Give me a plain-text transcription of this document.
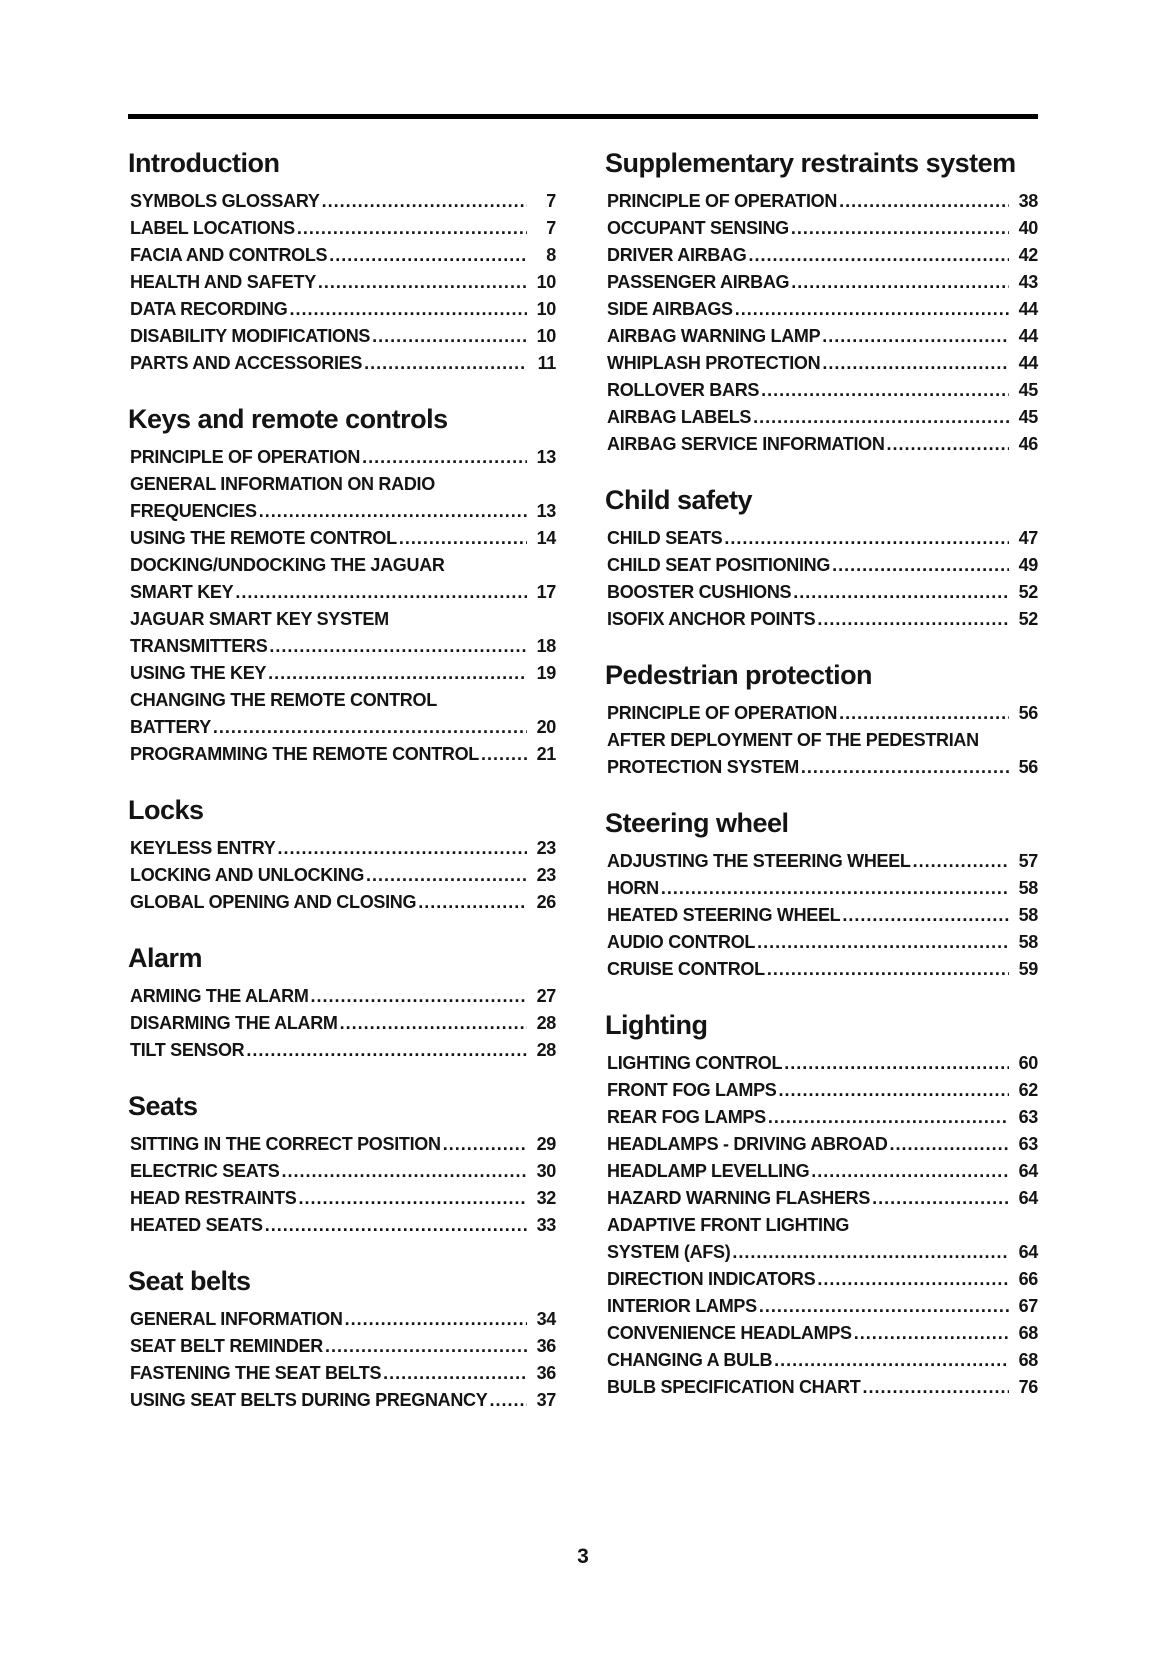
Introduction
SYMBOLS GLOSSARY .....	7
LABEL LOCATIONS .....	7
FACIA AND CONTROLS .....	8
HEALTH AND SAFETY .....	10
DATA RECORDING .....	10
DISABILITY MODIFICATIONS .....	10
PARTS AND ACCESSORIES .....	11
Keys and remote controls
PRINCIPLE OF OPERATION .....	13
GENERAL INFORMATION ON RADIO
FREQUENCIES .....	13
USING THE REMOTE CONTROL .....	14
DOCKING/UNDOCKING THE JAGUAR
SMART KEY .....	17
JAGUAR SMART KEY SYSTEM
TRANSMITTERS .....	18
USING THE KEY .....	19
CHANGING THE REMOTE CONTROL
BATTERY .....	20
PROGRAMMING THE REMOTE CONTROL .....	21
Locks
KEYLESS ENTRY .....	23
LOCKING AND UNLOCKING .....	23
GLOBAL OPENING AND CLOSING .....	26
Alarm
ARMING THE ALARM .....	27
DISARMING THE ALARM .....	28
TILT SENSOR .....	28
Seats
SITTING IN THE CORRECT POSITION .....	29
ELECTRIC SEATS .....	30
HEAD RESTRAINTS .....	32
HEATED SEATS .....	33
Seat belts
GENERAL INFORMATION .....	34
SEAT BELT REMINDER .....	36
FASTENING THE SEAT BELTS .....	36
USING SEAT BELTS DURING PREGNANCY .....	37
Supplementary restraints system
PRINCIPLE OF OPERATION .....	38
OCCUPANT SENSING .....	40
DRIVER AIRBAG .....	42
PASSENGER AIRBAG .....	43
SIDE AIRBAGS .....	44
AIRBAG WARNING LAMP .....	44
WHIPLASH PROTECTION .....	44
ROLLOVER BARS .....	45
AIRBAG LABELS .....	45
AIRBAG SERVICE INFORMATION .....	46
Child safety
CHILD SEATS .....	47
CHILD SEAT POSITIONING .....	49
BOOSTER CUSHIONS .....	52
ISOFIX ANCHOR POINTS .....	52
Pedestrian protection
PRINCIPLE OF OPERATION .....	56
AFTER DEPLOYMENT OF THE PEDESTRIAN
PROTECTION SYSTEM .....	56
Steering wheel
ADJUSTING THE STEERING WHEEL .....	57
HORN .....	58
HEATED STEERING WHEEL .....	58
AUDIO CONTROL .....	58
CRUISE CONTROL .....	59
Lighting
LIGHTING CONTROL .....	60
FRONT FOG LAMPS .....	62
REAR FOG LAMPS .....	63
HEADLAMPS - DRIVING ABROAD .....	63
HEADLAMP LEVELLING .....	64
HAZARD WARNING FLASHERS .....	64
ADAPTIVE FRONT LIGHTING
SYSTEM (AFS) .....	64
DIRECTION INDICATORS .....	66
INTERIOR LAMPS .....	67
CONVENIENCE HEADLAMPS .....	68
CHANGING A BULB .....	68
BULB SPECIFICATION CHART .....	76
3
